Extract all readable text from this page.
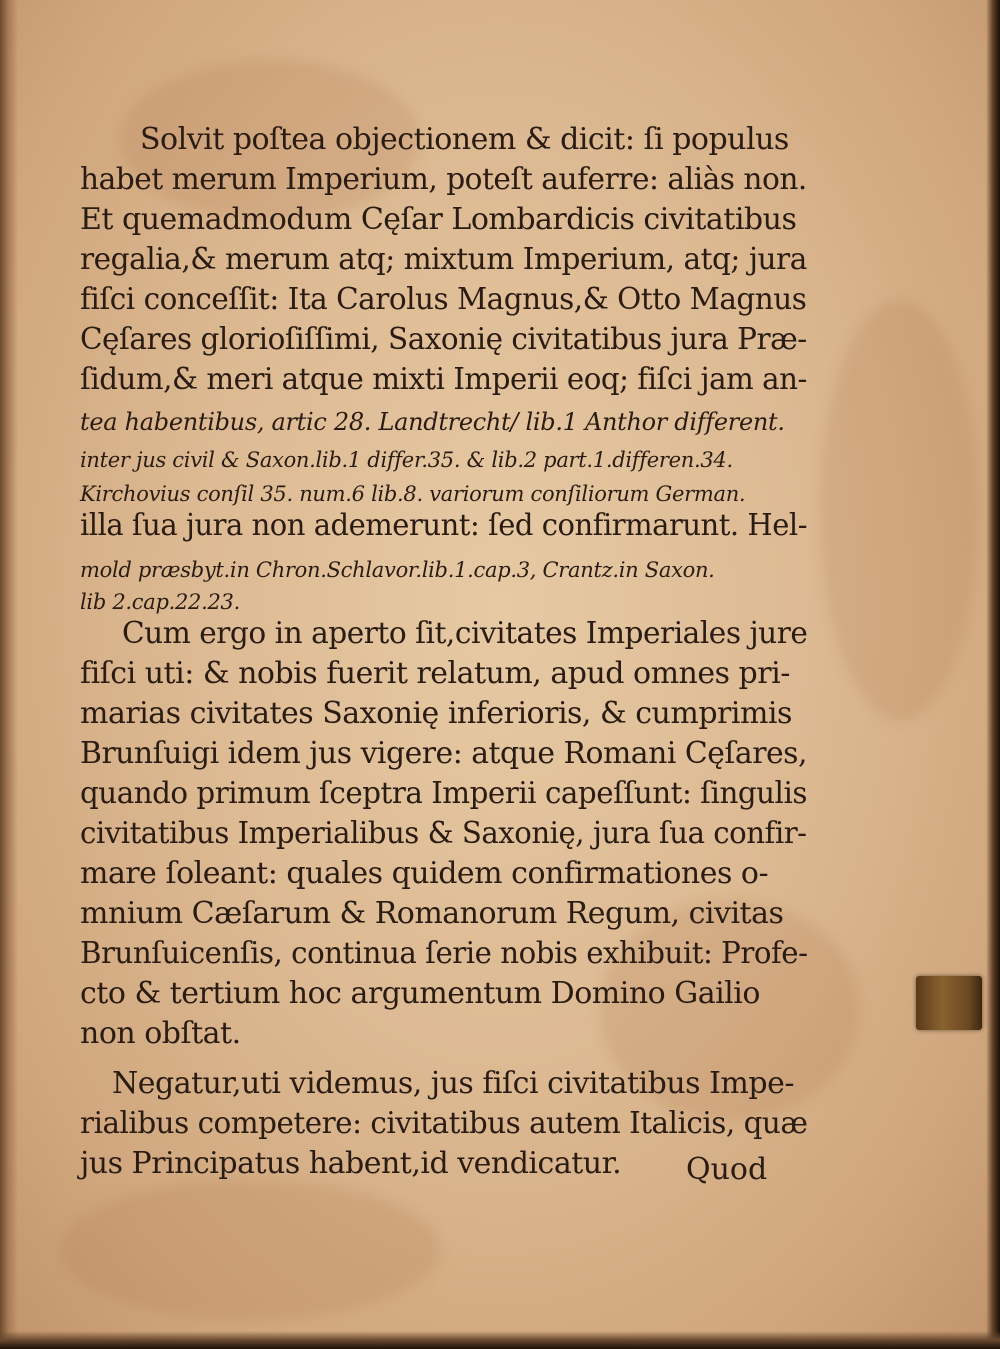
Solvit poſtea objectionem & dicit: ſi populus
habet merum Imperium, poteſt auferre: aliàs non.
Et quemadmodum Cęſar Lombardicis civitatibus
regalia,& merum atq; mixtum Imperium, atq; jura
fiſci conceſſit: Ita Carolus Magnus,& Otto Magnus
Cęſares glorioſiſſimi, Saxonię civitatibus jura Præ-
ſidum,& meri atque mixti Imperii eoq; fiſci jam an-
tea habentibus, artic 28. Landtrecht/ lib.1 Anthor different.
inter jus civil & Saxon.lib.1 differ.35. & lib.2 part.1.differen.34.
Kirchovius conſil 35. num.6 lib.8. variorum conſiliorum German.
illa ſua jura non ademerunt: ſed confirmarunt. Hel-
mold præsbyt.in Chron.Schlavor.lib.1.cap.3, Crantz.in Saxon.
lib 2.cap.22.23.
Cum ergo in aperto ſit,civitates Imperiales jure
fiſci uti: & nobis fuerit relatum, apud omnes pri-
marias civitates Saxonię inferioris, & cumprimis
Brunſuigi idem jus vigere: atque Romani Cęſares,
quando primum ſceptra Imperii capeſſunt: ſingulis
civitatibus Imperialibus & Saxonię, jura ſua confir-
mare ſoleant: quales quidem confirmationes o-
mnium Cæſarum & Romanorum Regum, civitas
Brunſuicenſis, continua ſerie nobis exhibuit: Profe-
cto & tertium hoc argumentum Domino Gailio
non obſtat.
Negatur,uti videmus, jus fiſci civitatibus Impe-
rialibus competere: civitatibus autem Italicis, quæ
jus Principatus habent,id vendicatur. Quod
